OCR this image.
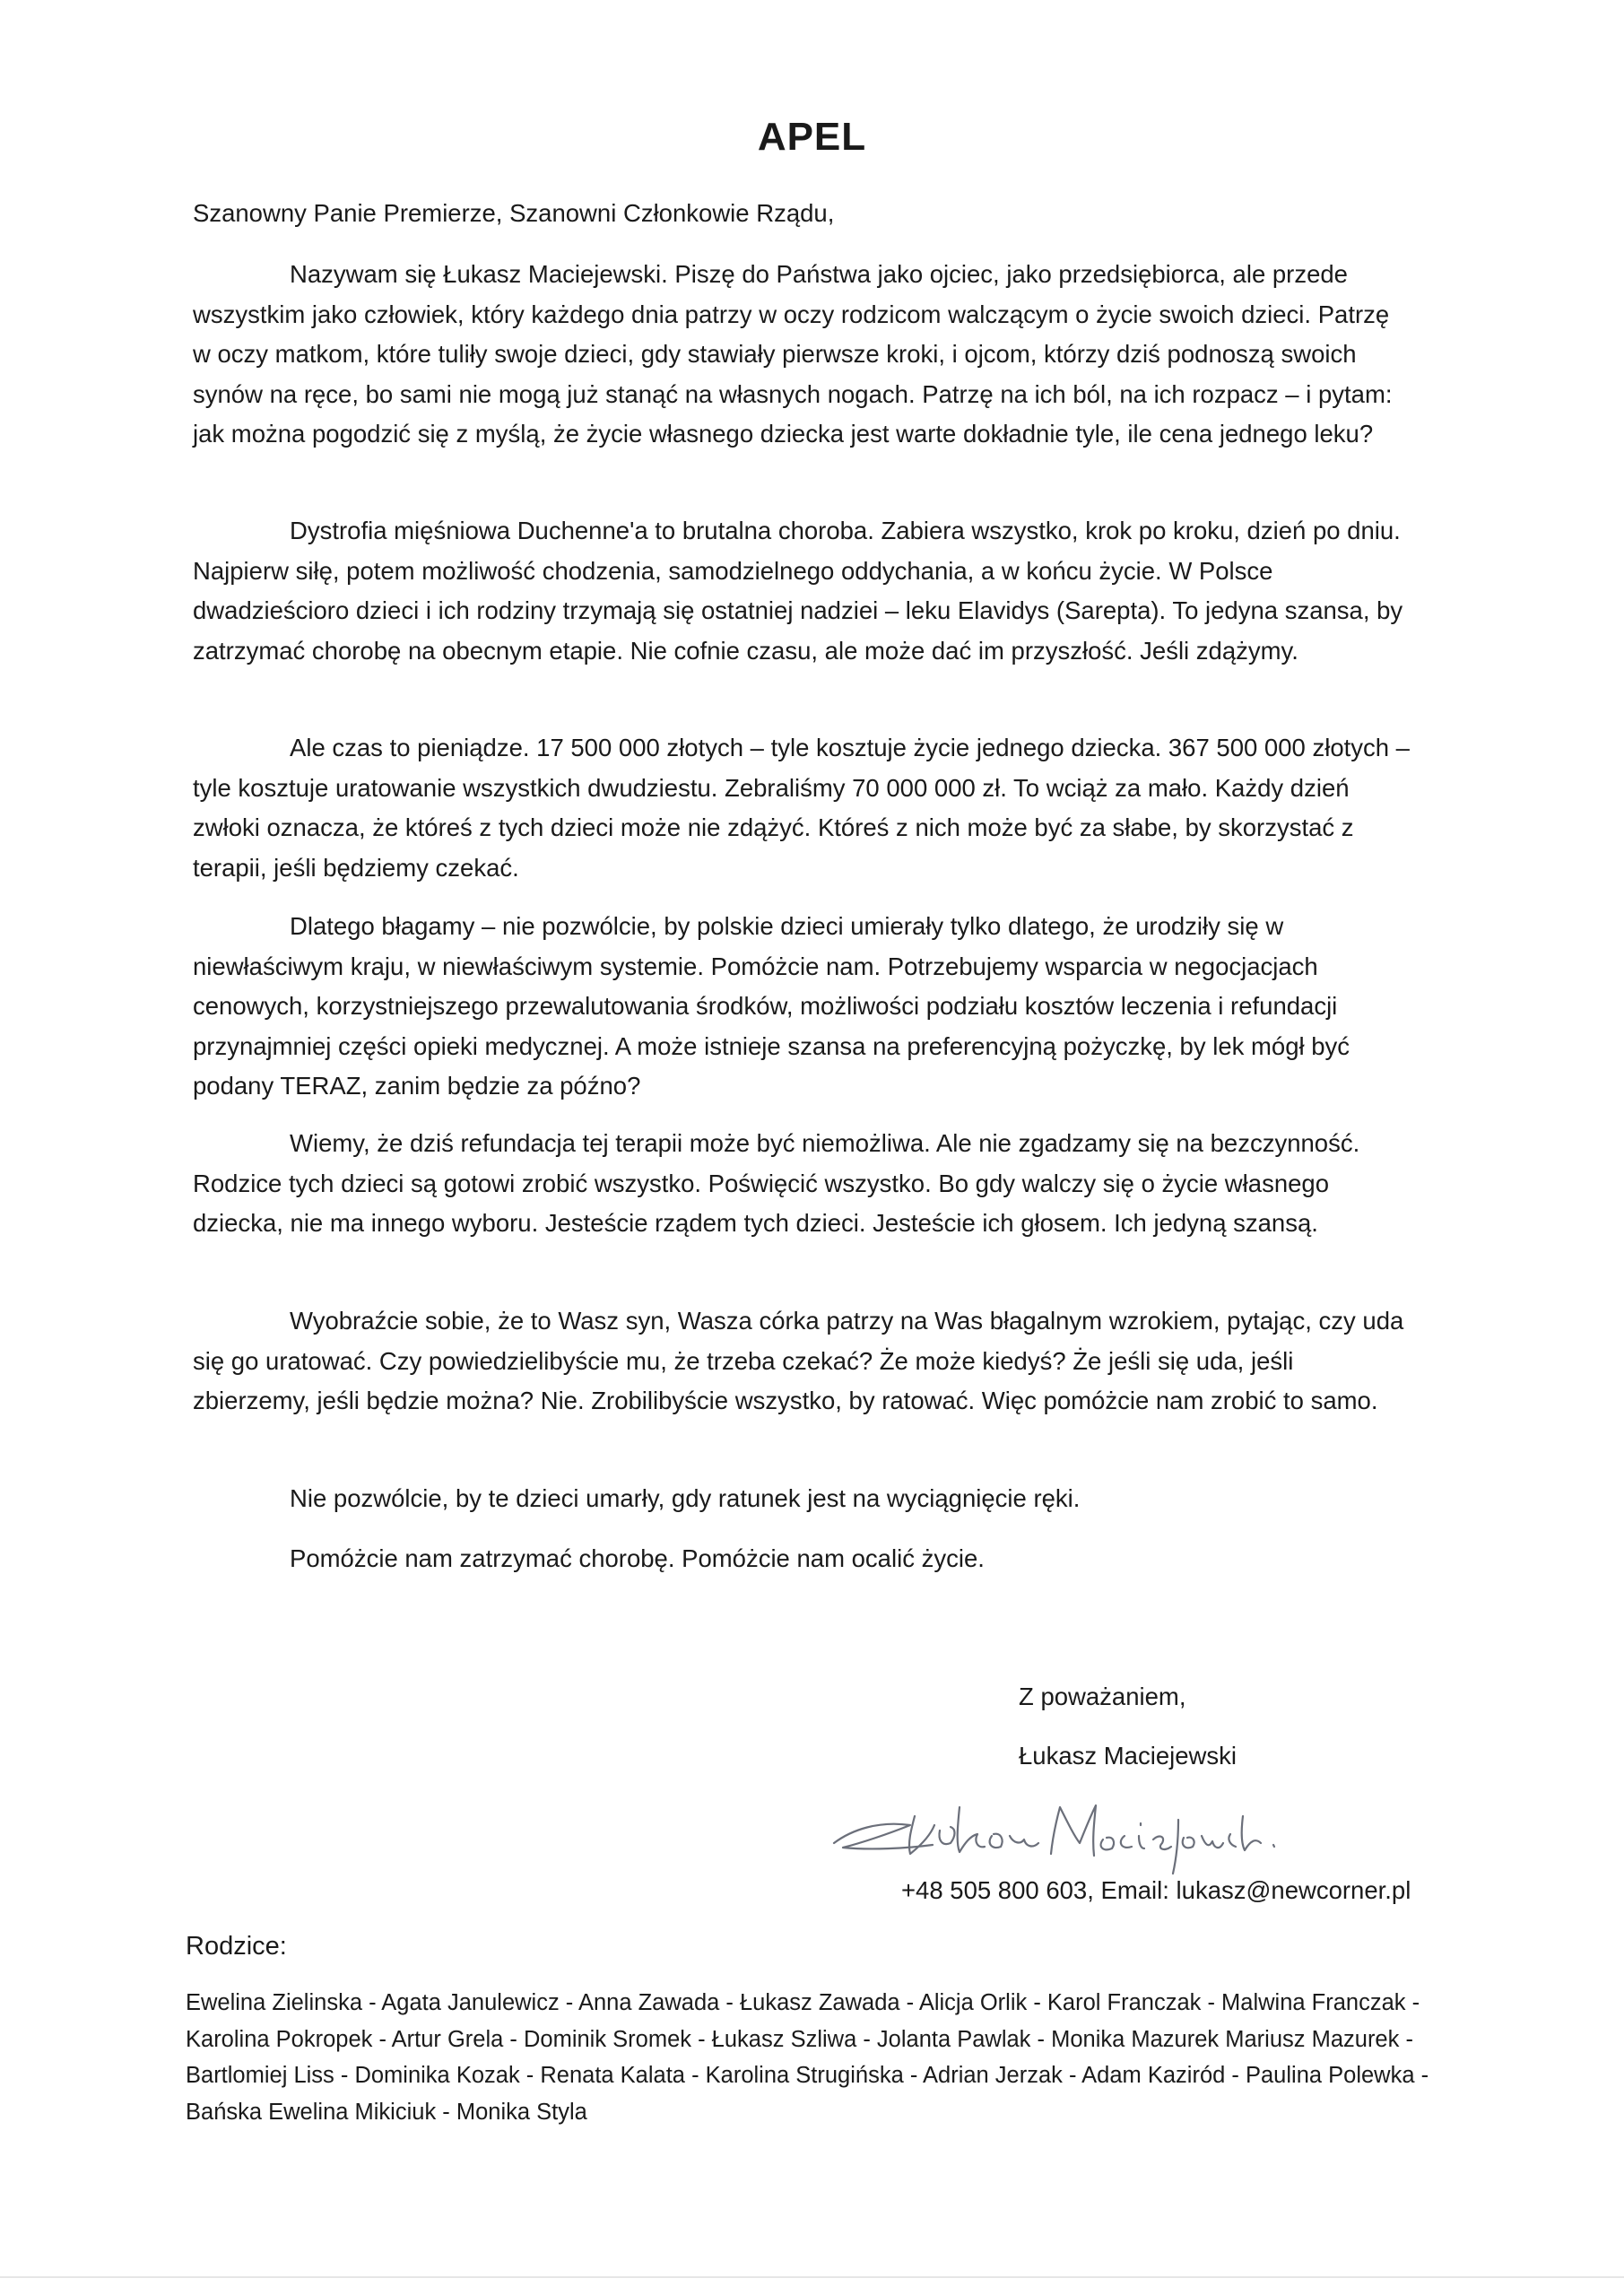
APEL
Szanowny Panie Premierze, Szanowni Członkowie Rządu,

Nazywam się Łukasz Maciejewski. Piszę do Państwa jako ojciec, jako przedsiębiorca, ale przede wszystkim jako człowiek, który każdego dnia patrzy w oczy rodzicom walczącym o życie swoich dzieci. Patrzę w oczy matkom, które tuliły swoje dzieci, gdy stawiały pierwsze kroki, i ojcom, którzy dziś podnoszą swoich synów na ręce, bo sami nie mogą już stanąć na własnych nogach. Patrzę na ich ból, na ich rozpacz – i pytam: jak można pogodzić się z myślą, że życie własnego dziecka jest warte dokładnie tyle, ile cena jednego leku?

Dystrofia mięśniowa Duchenne'a to brutalna choroba. Zabiera wszystko, krok po kroku, dzień po dniu. Najpierw siłę, potem możliwość chodzenia, samodzielnego oddychania, a w końcu życie. W Polsce dwadzieścioro dzieci i ich rodziny trzymają się ostatniej nadziei – leku Elavidys (Sarepta). To jedyna szansa, by zatrzymać chorobę na obecnym etapie. Nie cofnie czasu, ale może dać im przyszłość. Jeśli zdążymy.

Ale czas to pieniądze. 17 500 000 złotych – tyle kosztuje życie jednego dziecka. 367 500 000 złotych – tyle kosztuje uratowanie wszystkich dwudziestu. Zebraliśmy 70 000 000 zł. To wciąż za mało. Każdy dzień zwłoki oznacza, że któreś z tych dzieci może nie zdążyć. Któreś z nich może być za słabe, by skorzystać z terapii, jeśli będziemy czekać.

Dlatego błagamy – nie pozwólcie, by polskie dzieci umierały tylko dlatego, że urodziły się w niewłaściwym kraju, w niewłaściwym systemie. Pomóżcie nam. Potrzebujemy wsparcia w negocjacjach cenowych, korzystniejszego przewalutowania środków, możliwości podziału kosztów leczenia i refundacji przynajmniej części opieki medycznej. A może istnieje szansa na preferencyjną pożyczkę, by lek mógł być podany TERAZ, zanim będzie za późno?

Wiemy, że dziś refundacja tej terapii może być niemożliwa. Ale nie zgadzamy się na bezczynność. Rodzice tych dzieci są gotowi zrobić wszystko. Poświęcić wszystko. Bo gdy walczy się o życie własnego dziecka, nie ma innego wyboru. Jesteście rządem tych dzieci. Jesteście ich głosem. Ich jedyną szansą.

Wyobraźcie sobie, że to Wasz syn, Wasza córka patrzy na Was błagalnym wzrokiem, pytając, czy uda się go uratować. Czy powiedzielibyście mu, że trzeba czekać? Że może kiedyś? Że jeśli się uda, jeśli zbierzemy, jeśli będzie można? Nie. Zrobilibyście wszystko, by ratować. Więc pomóżcie nam zrobić to samo.

Nie pozwólcie, by te dzieci umarły, gdy ratunek jest na wyciągnięcie ręki.
Pomóżcie nam zatrzymać chorobę. Pomóżcie nam ocalić życie.
Z poważaniem,
Łukasz Maciejewski
+48 505 800 603, Email: lukasz@newcorner.pl
Rodzice:

Ewelina Zielinska - Agata Janulewicz - Anna Zawada - Łukasz Zawada - Alicja Orlik - Karol Franczak - Malwina Franczak - Karolina Pokropek - Artur Grela - Dominik Sromek - Łukasz Szliwa - Jolanta Pawlak - Monika Mazurek Mariusz Mazurek - Bartlomiej Liss - Dominika Kozak - Renata Kalata - Karolina Strugińska - Adrian Jerzak - Adam Kaziród - Paulina Polewka - Bańska Ewelina Mikiciuk - Monika Styla
